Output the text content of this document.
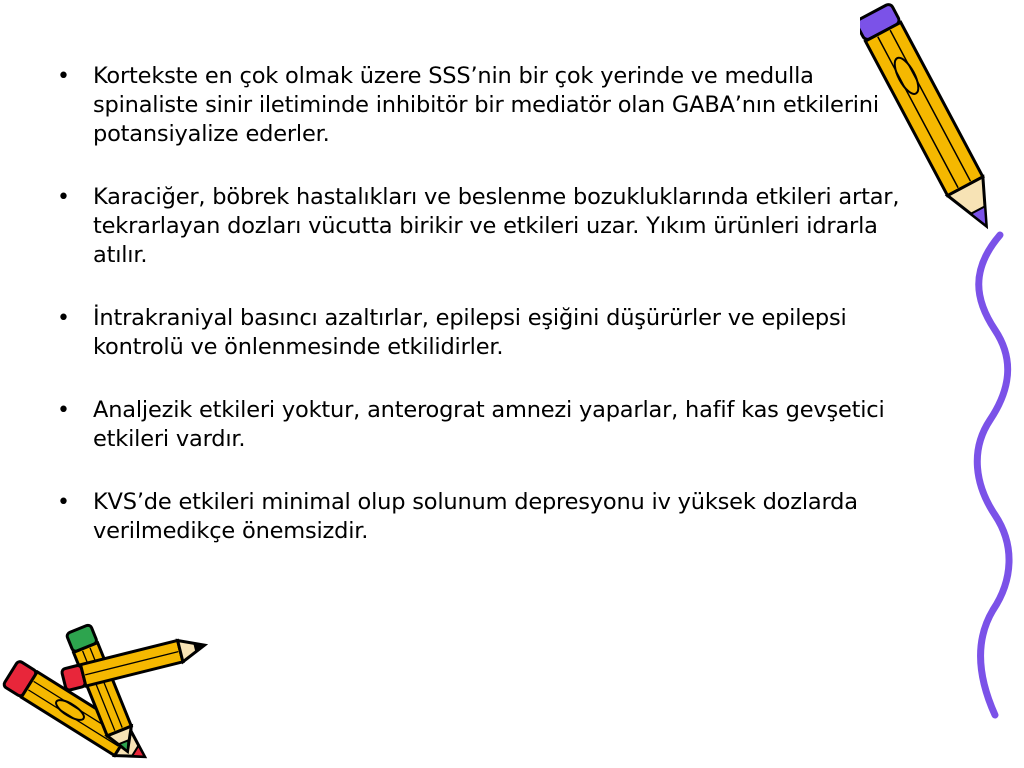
• Kortekste en çok olmak üzere SSS’nin bir çok yerinde ve medulla spinaliste sinir iletiminde inhibitör bir mediatör olan GABA’nın etkilerini potansiyalize ederler.
• Karaciğer, böbrek hastalıkları ve beslenme bozukluklarında etkileri artar, tekrarlayan dozları vücutta birikir ve etkileri uzar. Yıkım ürünleri idrarla atılır.
• İntrakraniyal basıncı azaltırlar, epilepsi eşiğini düşürürler ve epilepsi kontrolü ve önlenmesinde etkilidirler.
• Analjezik etkileri yoktur, anterograt amnezi yaparlar, hafif kas gevşetici etkileri vardır.
• KVS’de etkileri minimal olup solunum depresyonu iv yüksek dozlarda verilmedikçe önemsizdir.
